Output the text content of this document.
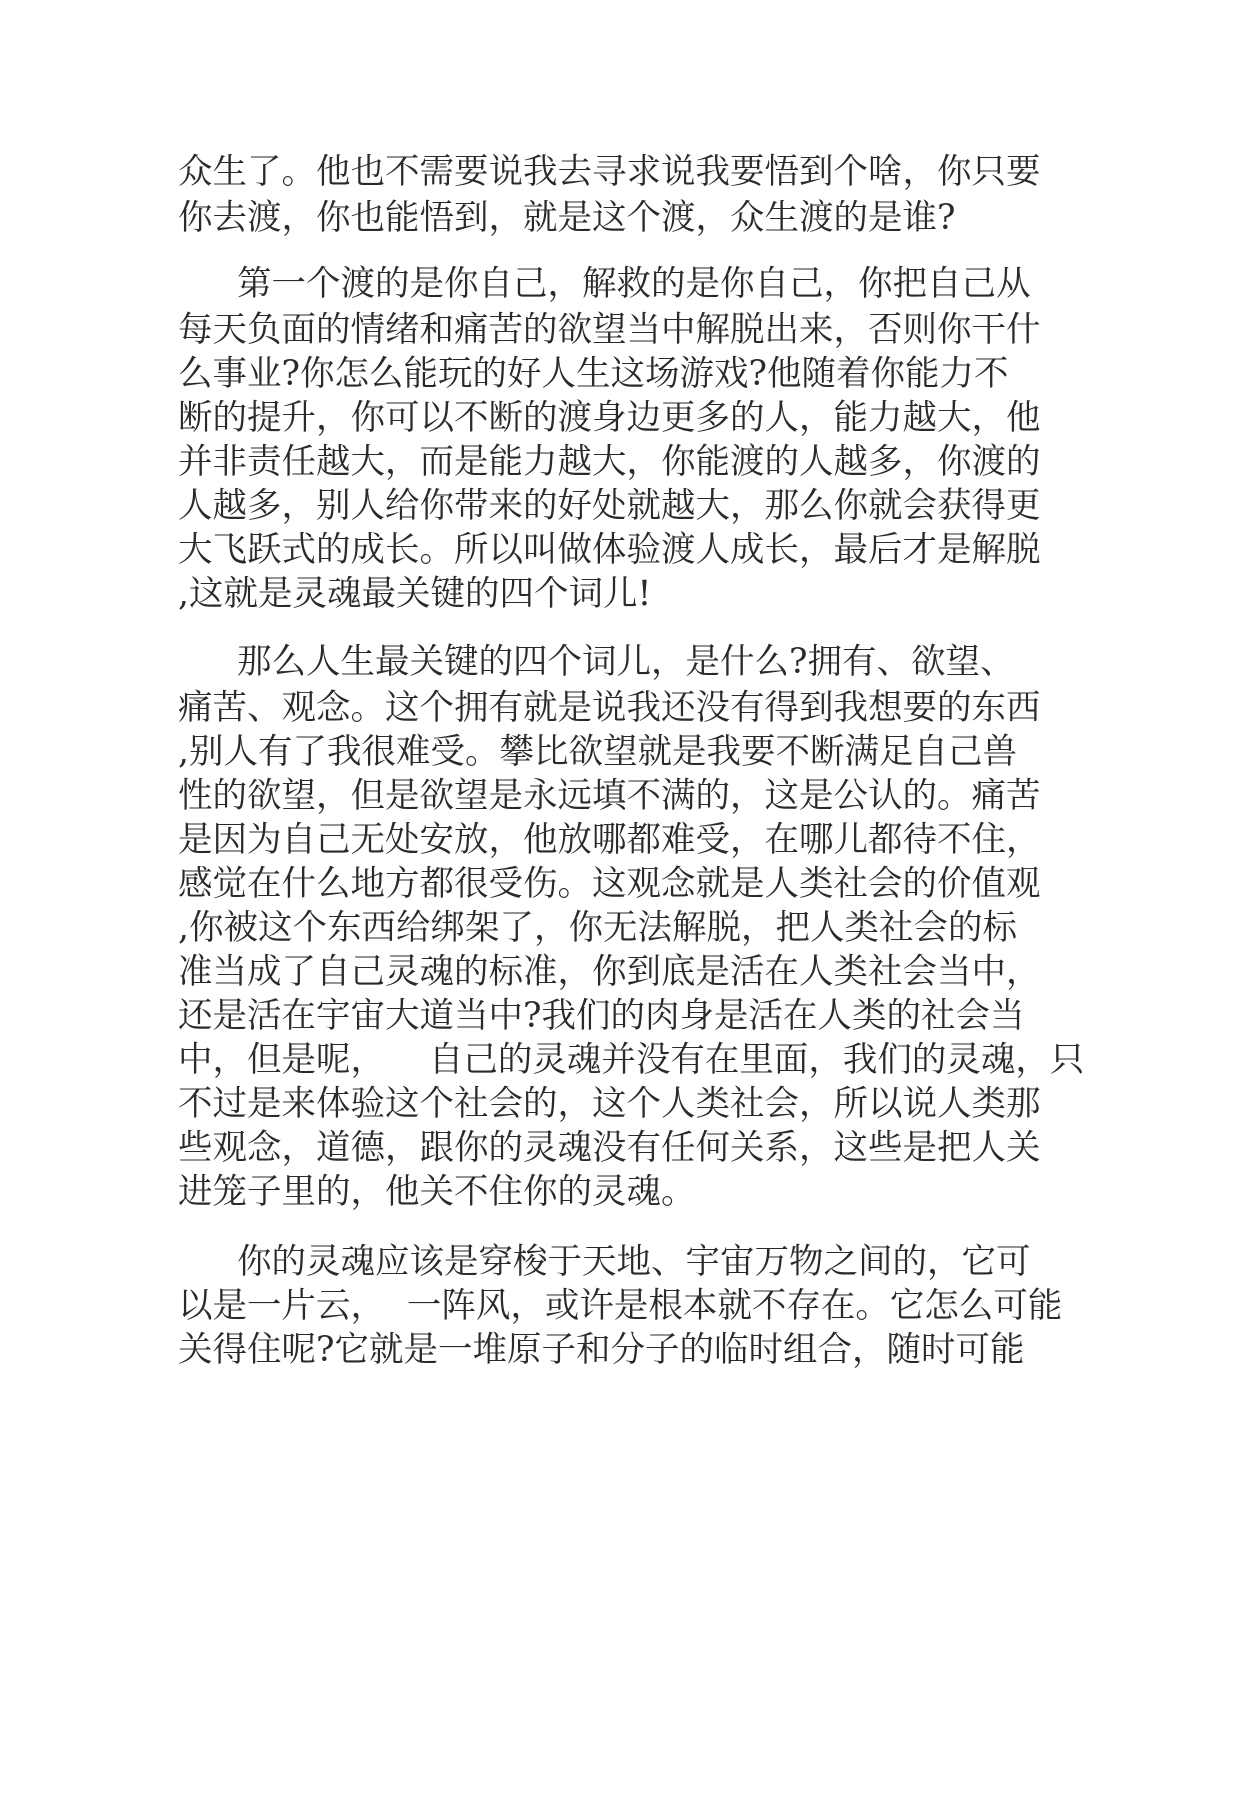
众生了。他也不需要说我去寻求说我要悟到个啥，你只要
你去渡，你也能悟到，就是这个渡，众生渡的是谁?
第一个渡的是你自己，解救的是你自己，你把自己从
每天负面的情绪和痛苦的欲望当中解脱出来，否则你干什
么事业?你怎么能玩的好人生这场游戏?他随着你能力不
断的提升，你可以不断的渡身边更多的人，能力越大，他
并非责任越大，而是能力越大，你能渡的人越多，你渡的
人越多，别人给你带来的好处就越大，那么你就会获得更
大飞跃式的成长。所以叫做体验渡人成长，最后才是解脱
,这就是灵魂最关键的四个词儿!
那么人生最关键的四个词儿，是什么?拥有、欲望、
痛苦、观念。这个拥有就是说我还没有得到我想要的东西
,别人有了我很难受。攀比欲望就是我要不断满足自己兽
性的欲望，但是欲望是永远填不满的，这是公认的。痛苦
是因为自己无处安放，他放哪都难受，在哪儿都待不住，
感觉在什么地方都很受伤。这观念就是人类社会的价值观
,你被这个东西给绑架了，你无法解脱，把人类社会的标
准当成了自己灵魂的标准，你到底是活在人类社会当中，
还是活在宇宙大道当中?我们的肉身是活在人类的社会当
中，但是呢，    自己的灵魂并没有在里面，我们的灵魂，只
不过是来体验这个社会的，这个人类社会，所以说人类那
些观念，道德，跟你的灵魂没有任何关系，这些是把人关
进笼子里的，他关不住你的灵魂。
你的灵魂应该是穿梭于天地、宇宙万物之间的，它可
以是一片云，  一阵风，或许是根本就不存在。它怎么可能
关得住呢?它就是一堆原子和分子的临时组合，随时可能
